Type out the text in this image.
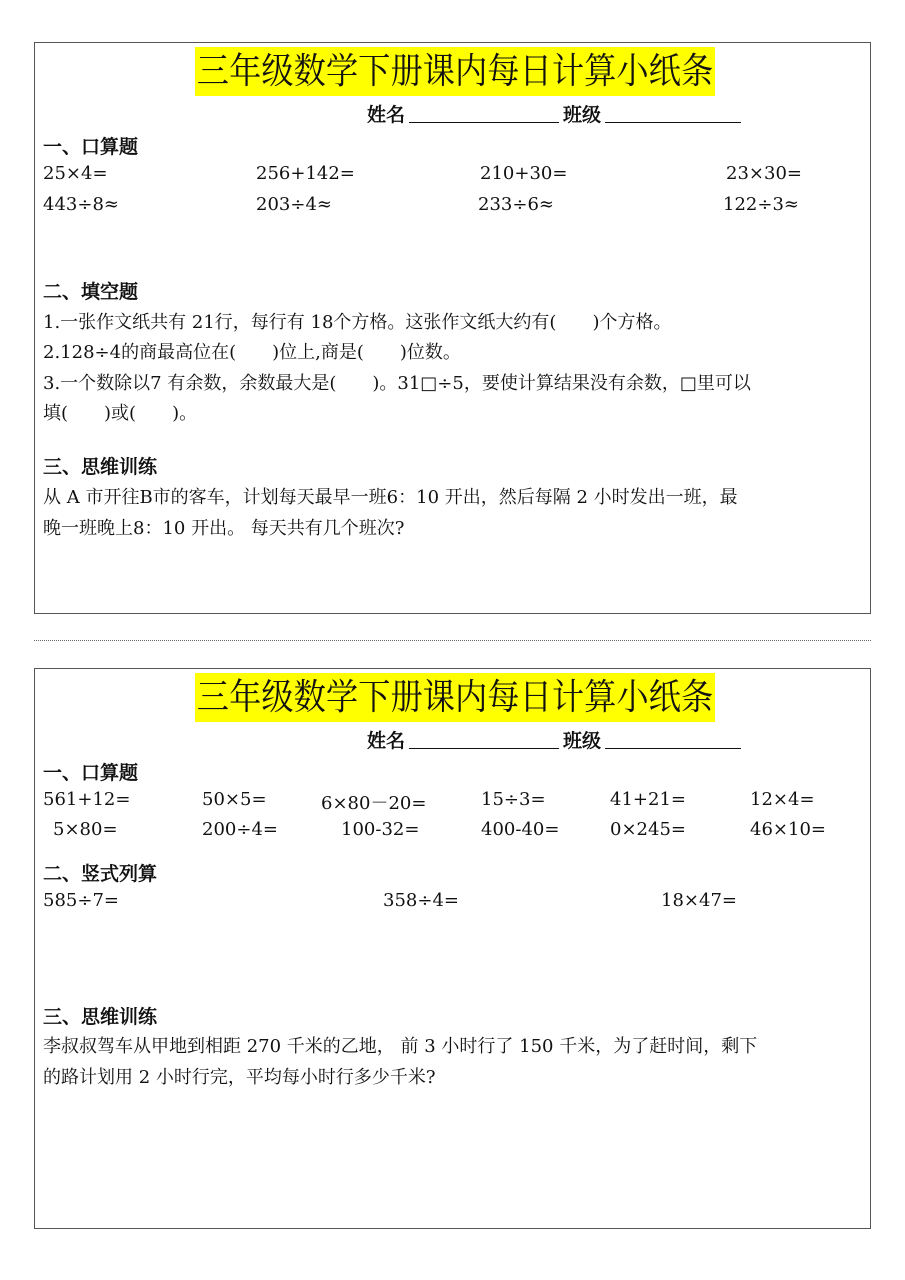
三年级数学下册课内每日计算小纸条
姓名	班级
一、口算题
25×4=	256+142=	210+30=	23×30=
443÷8≈	203÷4≈	233÷6≈	122÷3≈
二、填空题
1.一张作文纸共有 21行，每行有 18个方格。这张作文纸大约有(　　)个方格。
2.128÷4的商最高位在(　　)位上,商是(　　)位数。
3.一个数除以7 有余数，余数最大是(　　)。31□÷5，要使计算结果没有余数，□里可以
填(　　)或(　　)。
三、思维训练
从 A 市开往B市的客车，计划每天最早一班6：10 开出，然后每隔 2 小时发出一班，最
晚一班晚上8：10 开出。 每天共有几个班次?
三年级数学下册课内每日计算小纸条
姓名	班级
一、口算题
561+12=	50×5=	6×80－20=	15÷3=	41+21=	12×4=
5×80=	200÷4=	100-32=	400-40=	0×245=	46×10=
二、竖式列算
585÷7=	358÷4=	18×47=
三、思维训练
李叔叔驾车从甲地到相距 270 千米的乙地， 前 3 小时行了 150 千米，为了赶时间，剩下
的路计划用 2 小时行完，平均每小时行多少千米?
